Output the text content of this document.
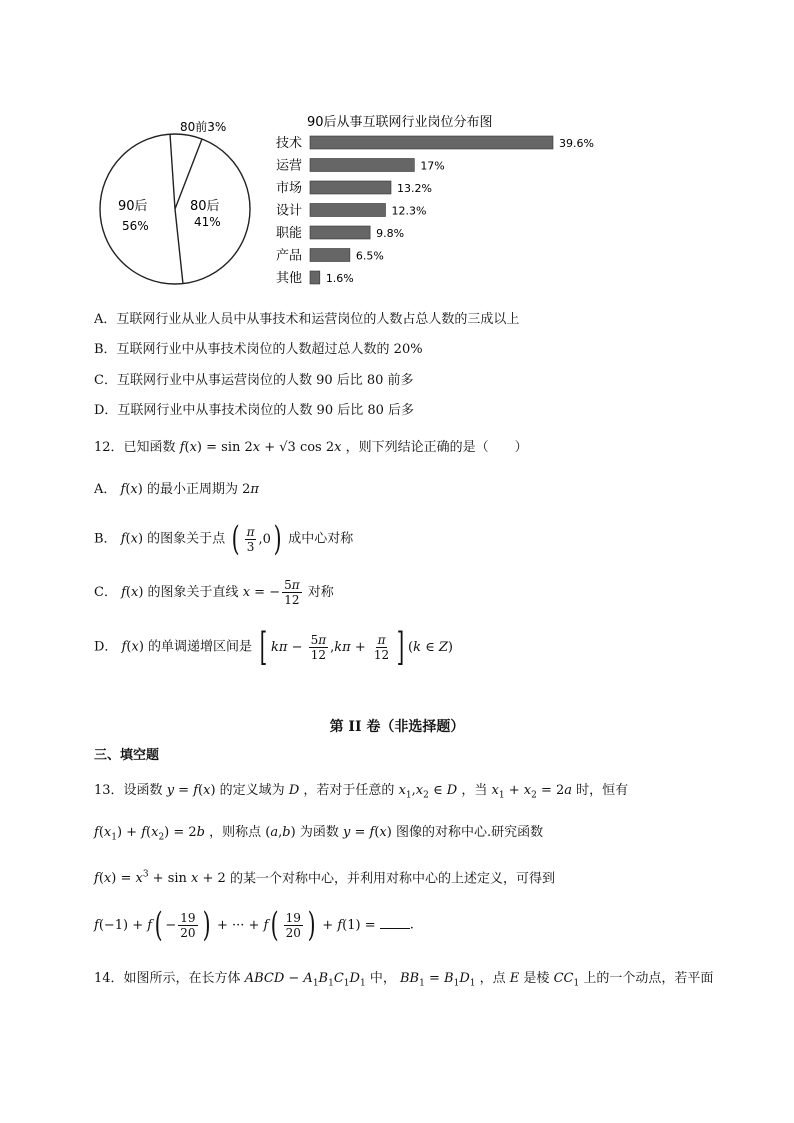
80前3%
80后
41%
90后
56%
90后从事互联网行业岗位分布图
技术	39.6%
运营	17%
市场	13.2%
设计	12.3%
职能	9.8%
产品	6.5%
其他 1.6%
A．互联网行业从业人员中从事技术和运营岗位的人数占总人数的三成以上
B．互联网行业中从事技术岗位的人数超过总人数的 20%
C．互联网行业中从事运营岗位的人数 90 后比 80 前多
D．互联网行业中从事技术岗位的人数 90 后比 80 后多
12．已知函数 f(x) = sin 2x + √3 cos 2x ，则下列结论正确的是（　　）
A． f(x) 的最小正周期为 2π
B． f(x) 的图象关于点 ( $\frac{\pi}{3} ,0$) 成中心对称
C． f(x) 的图象关于直线 x = − $\frac{5\pi}{12}$ 对称
D． f(x) 的单调递增区间是 [ $k\pi - \frac{5\pi}{12} ,k\pi + \frac{\pi}{12}$ ] (k ∈ Z)
第 II 卷（非选择题）
三、填空题
13．设函数 y = f(x) 的定义域为 D ，若对于任意的 $x_1,x_2$ ∈ D ，当 $x_1 + x_2 = 2a$ 时，恒有
$f(x_1) + f(x_2) = 2b$ ，则称点 (a,b) 为函数 y = f(x) 图像的对称中心.研究函数
$f(x) = x^3 + \sin x + 2$ 的某一个对称中心，并利用对称中心的上述定义，可得到
$f(-1) + f( - \frac{19}{20}$ ) + ··· + $f( \frac{19}{20}$ ) + f(1) = .
14．如图所示，在长方体 ABCD − $A_1B_1C_1D_1$ 中， $BB_1 = B_1D_1$ ，点 E 是棱 $CC_1$ 上的一个动点，若平面
